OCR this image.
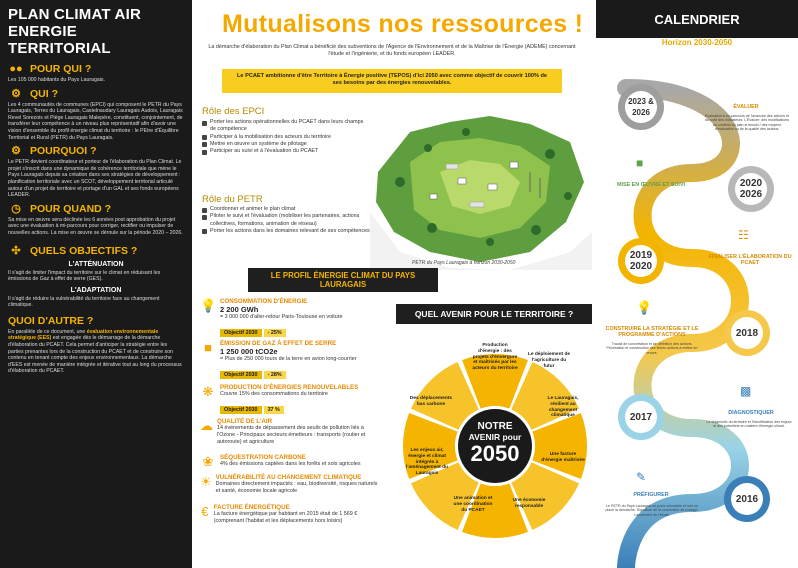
PLAN CLIMAT AIR ENERGIE TERRITORIAL
●● POUR QUI ?

Les 105 000 habitants du Pays Lauragais.

⚙ QUI ?

Les 4 communautés de communes (EPCI) qui composent le PETR du Pays Lauragais, Terres du Lauragais, Castelnaudary Lauragais Audois, Lauragais Revel Sorezois et Piège Lauragais Malepère, constituent, conjointement, de transférer leur compétence à un niveau plus représentatif afin d'avoir une vision d'ensemble du profil énergie climat du territoire : le PEtre d'Équilibre Territorial et Rural (PETR) du Pays Lauragais.

⚙ POURQUOI ?

Le PETR devient coordinateur et porteur de l'élaboration du Plan Climat. Le projet s'inscrit dans une dynamique de cohérence territoriale que mène le Pays Lauragais depuis sa création dans ses stratégies de développement : planification territoriale avec un SCOT, développement territorial articulé autour d'un projet de territoire et portage d'un GAL et ses fonds européens LEADER.

◷ POUR QUAND ?

Sa mise en œuvre sera déclinée les 6 années post approbation du projet avec une évaluation à mi-parcours pour corriger, rectifier ou impulser de nouvelles actions. La mise en œuvre se déroule sur la période 2020 – 2026.

✣ QUELS OBJECTIFS ?
L'ATTÉNUATION

Il s'agit de limiter l'impact du territoire sur le climat en réduisant les émissions de Gaz à effet de serre (GES).

L'ADAPTATION

Il s'agit de réduire la vulnérabilité du territoire face au changement climatique.

QUOI D'AUTRE ?

En parallèle de ce document, une évaluation environnementale stratégique (EES) est engagée dès le démarrage de la démarche d'élaboration du PCAET. Cela permet d'anticiper la stratégie entre les parties prenantes lors de la construction du PCAET et de construire son contenu en tenant compte des enjeux environnementaux. La démarche d'EES est menée de manière intégrée et itérative tout au long du processus d'élaboration du PCAET.

Mutualisons nos ressources !
La démarche d'élaboration du Plan Climat a bénéficié des subventions de l'Agence de l'Environnement et de la Maîtrise de l'Énergie (ADEME) concernant l'étude et l'ingénierie, et du fonds européen LEADER.
Le PCAET ambitionne d'être Territoire à Énergie positive (TEPOS) d'ici 2050 avec comme objectif de couvrir 100% de ses besoins par des énergies renouvelables.
Rôle des EPCI
Porter les actions opérationnelles du PCAET dans leurs champs de compétence
Participer à la mobilisation des acteurs du territoire
Mettre en œuvre un système de pilotage
Participer au suivi et à l'évaluation du PCAET
Rôle du PETR
Coordonner et animer le plan climat
Piloter le suivi et l'évaluation (mobiliser les partenaires, actions collectives, formations, animation de réseau)
Porter les actions dans les domaines relevant de ses compétences
PETR du Pays Lauragais à horizon 2030-2050
LE PROFIL ÉNERGIE CLIMAT DU PAYS LAURAGAIS
💡 CONSOMMATION D'ÉNERGIE
2 200 GWh
= 3 000 000 d'aller-retour Paris-Toulouse en voiture
Objectif 2030 - 25%
■	ÉMISSION DE GAZ À EFFET DE SERRE
1 250 000 tCO2e
= Plus de 250 000 tours de la terre en avion long-courrier
Objectif 2030 - 28%
❋	PRODUCTION D'ÉNERGIES RENOUVELABLES
Couvre 15% des consommations du territoire
Objectif 2030 37 %
☁ QUALITÉ DE L'AIR
14 événements de dépassement des seuils de pollution liés à l'Ozone - Principaux secteurs émetteurs : transports (routier et autoroute) et agriculture
❀	SÉQUESTRATION CARBONE
4% des émissions captées dans les forêts et sols agricoles
☀ VULNÉRABILITÉ AU CHANGEMENT CLIMATIQUE
Domaines directement impactés : eau, biodiversité, risques naturels et santé, économie locale agricole
€ FACTURE ÉNERGÉTIQUE
La facture énergétique par habitant en 2015 était de 1 569 € (comprenant l'habitat et les déplacements hors loisirs)
QUEL AVENIR POUR LE TERRITOIRE ?
NOTRE
AVENIR pour
2050
Production d'énergie : des projets d'envergure et maîtrisés par les acteurs du territoire
Le déploiement de l'agriculture du futur
Le Lauragais, résilient au changement climatique
Une facture d'énergie maîtrisée
Une économie responsable
Une animation et une coordination du PCAET
Les enjeux air, énergie et climat intégrés à l'aménagement du Lauragais
Des déplacements bas carbone
CALENDRIER
Horizon 2030-2050
2023 & 2026
ÉVALUER
Évaluation à mi-parcours de l'avancée des actions et du suivi des indicateurs. L'Évaluer: des modifications au contenu du plan si besoin / des moyens d'évaluation ou de la qualité des actions.
■
MISE EN ŒUVRE ET SUIVI	2020 2026
2019 2020
☷
FINALISER L'ÉLABORATION DU PCAET
💡
CONSTRUIRE LA STRATÉGIE ET LE PROGRAMME D'ACTIONS
Travail de concertation et de définition des actions. Priorisation et construction des fiches actions à mettre en œuvre.
2018
2017
▩
DIAGNOSTIQUER
Le diagnostic du territoire et l'identification des enjeux et des potentiels en matière d'énergie-climat.
✎
PRÉFIGURER
Le PETR du Pays Lauragais se porte volontaire et met en place la démarche. Signature de la convention de portage. Lancement de l'étude.
2016
